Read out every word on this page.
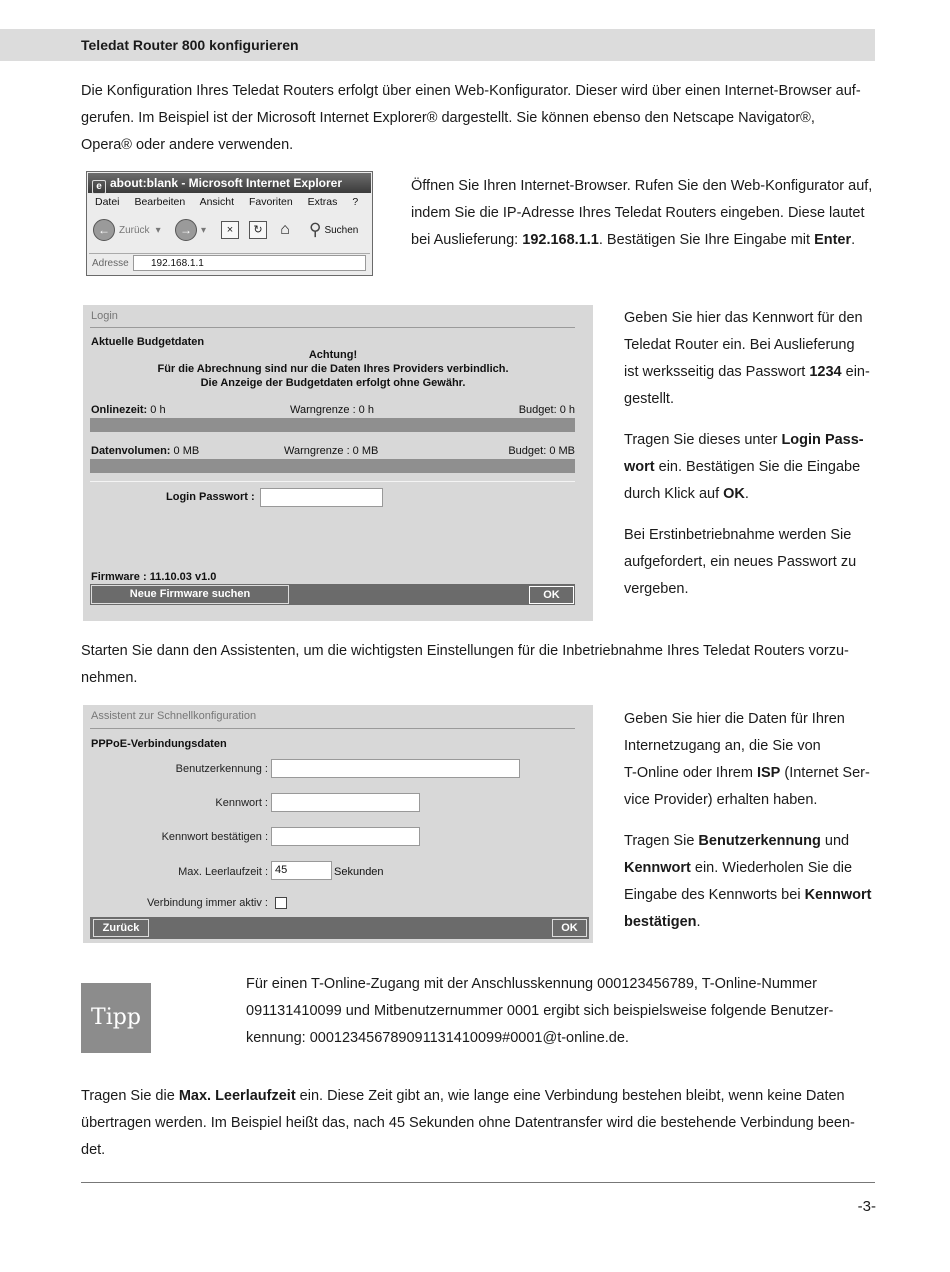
Teledat Router 800 konfigurieren

Die Konfiguration Ihres Teledat Routers erfolgt über einen Web-Konfigurator. Dieser wird über einen Internet-Browser auf-

gerufen. Im Beispiel ist der Microsoft Internet Explorer® dargestellt. Sie können ebenso den Netscape Navigator®,

Opera® oder andere verwenden.

e about:blank - Microsoft Internet Explorer
Datei Bearbeiten Ansicht Favoriten Extras ?
← Zurück ▾	→ ▾	×	↻ ⌂ ⚲ Suchen
Adresse	192.168.1.1

Öffnen Sie Ihren Internet-Browser. Rufen Sie den Web-Konfigurator auf,

indem Sie die IP-Adresse Ihres Teledat Routers eingeben. Diese lautet

bei Auslieferung: 192.168.1.1. Bestätigen Sie Ihre Eingabe mit Enter.

Login
Aktuelle Budgetdaten
Achtung!
Für die Abrechnung sind nur die Daten Ihres Providers verbindlich.
Die Anzeige der Budgetdaten erfolgt ohne Gewähr.
Onlinezeit: 0 h	Warngrenze : 0 h	Budget: 0 h
Datenvolumen: 0 MB	Warngrenze : 0 MB	Budget: 0 MB
Login Passwort :
Firmware : 11.10.03 v1.0
Neue Firmware suchen	OK

Geben Sie hier das Kennwort für den

Teledat Router ein. Bei Auslieferung

ist werksseitig das Passwort 1234 ein-

gestellt.

Tragen Sie dieses unter Login Pass-

wort ein. Bestätigen Sie die Eingabe

durch Klick auf OK.

Bei Erstinbetriebnahme werden Sie

aufgefordert, ein neues Passwort zu

vergeben.

Starten Sie dann den Assistenten, um die wichtigsten Einstellungen für die Inbetriebnahme Ihres Teledat Routers vorzu-

nehmen.

Assistent zur Schnellkonfiguration
PPPoE-Verbindungsdaten
Benutzerkennung :
Kennwort :
Kennwort bestätigen :
Max. Leerlaufzeit : 45	Sekunden
Verbindung immer aktiv :
Zurück	OK

Geben Sie hier die Daten für Ihren

Internetzugang an, die Sie von

T-Online oder Ihrem ISP (Internet Ser-

vice Provider) erhalten haben.

Tragen Sie Benutzerkennung und

Kennwort ein. Wiederholen Sie die

Eingabe des Kennworts bei Kennwort

bestätigen.

Tipp

Für einen T-Online-Zugang mit der Anschlusskennung 000123456789, T-Online-Nummer

091131410099 und Mitbenutzernummer 0001 ergibt sich beispielsweise folgende Benutzer-

kennung: 000123456789091131410099#0001@t-online.de.

Tragen Sie die Max. Leerlaufzeit ein. Diese Zeit gibt an, wie lange eine Verbindung bestehen bleibt, wenn keine Daten

übertragen werden. Im Beispiel heißt das, nach 45 Sekunden ohne Datentransfer wird die bestehende Verbindung been-

det.

-3-
